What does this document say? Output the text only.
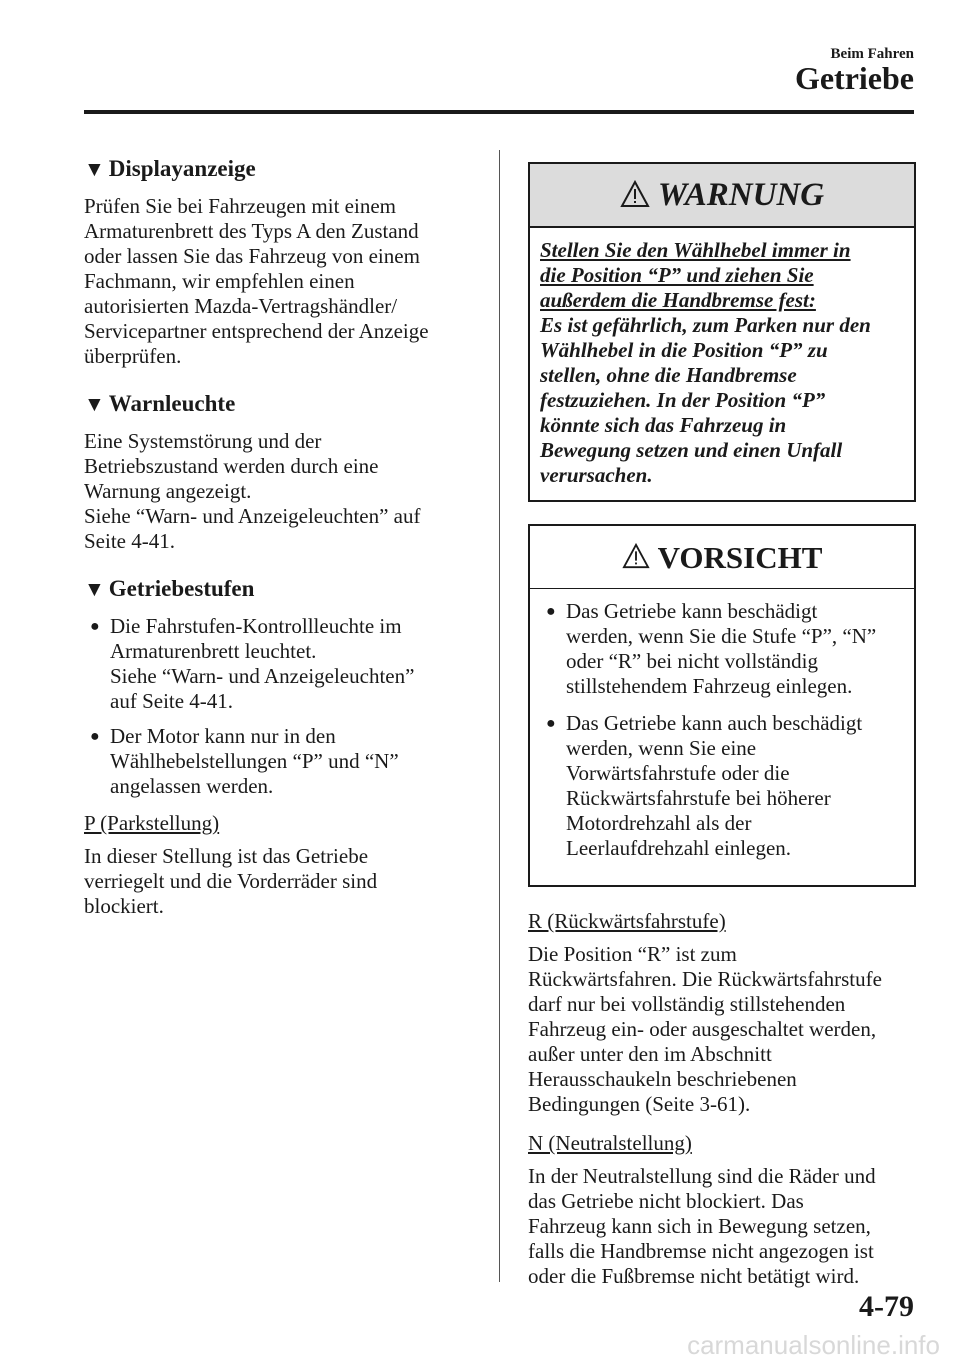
Beim Fahren
Getriebe
▼ Displayanzeige

Prüfen Sie bei Fahrzeugen mit einem
Armaturenbrett des Typs A den Zustand
oder lassen Sie das Fahrzeug von einem
Fachmann, wir empfehlen einen
autorisierten Mazda-Vertragshändler/
Servicepartner entsprechend der Anzeige
überprüfen.

▼ Warnleuchte

Eine Systemstörung und der
Betriebszustand werden durch eine
Warnung angezeigt.
Siehe “Warn- und Anzeigeleuchten” auf
Seite 4-41.

▼ Getriebestufen
● Die Fahrstufen-Kontrollleuchte im
Armaturenbrett leuchtet.
Siehe “Warn- und Anzeigeleuchten”
auf Seite 4-41.
● Der Motor kann nur in den
Wählhebelstellungen “P” und “N”
angelassen werden.
P (Parkstellung)

In dieser Stellung ist das Getriebe
verriegelt und die Vorderräder sind
blockiert.

WARNUNG
Stellen Sie den Wählhebel immer in
die Position “P” und ziehen Sie
außerdem die Handbremse fest:
Es ist gefährlich, zum Parken nur den
Wählhebel in die Position “P” zu
stellen, ohne die Handbremse
festzuziehen. In der Position “P”
könnte sich das Fahrzeug in
Bewegung setzen und einen Unfall
verursachen.
VORSICHT
● Das Getriebe kann beschädigt
werden, wenn Sie die Stufe “P”, “N”
oder “R” bei nicht vollständig
stillstehendem Fahrzeug einlegen.
● Das Getriebe kann auch beschädigt
werden, wenn Sie eine
Vorwärtsfahrstufe oder die
Rückwärtsfahrstufe bei höherer
Motordrehzahl als der
Leerlaufdrehzahl einlegen.
R (Rückwärtsfahrstufe)

Die Position “R” ist zum
Rückwärtsfahren. Die Rückwärtsfahrstufe
darf nur bei vollständig stillstehenden
Fahrzeug ein- oder ausgeschaltet werden,
außer unter den im Abschnitt
Herausschaukeln beschriebenen
Bedingungen (Seite 3-61).

N (Neutralstellung)

In der Neutralstellung sind die Räder und
das Getriebe nicht blockiert. Das
Fahrzeug kann sich in Bewegung setzen,
falls die Handbremse nicht angezogen ist
oder die Fußbremse nicht betätigt wird.

4-79
carmanualsonline.info
